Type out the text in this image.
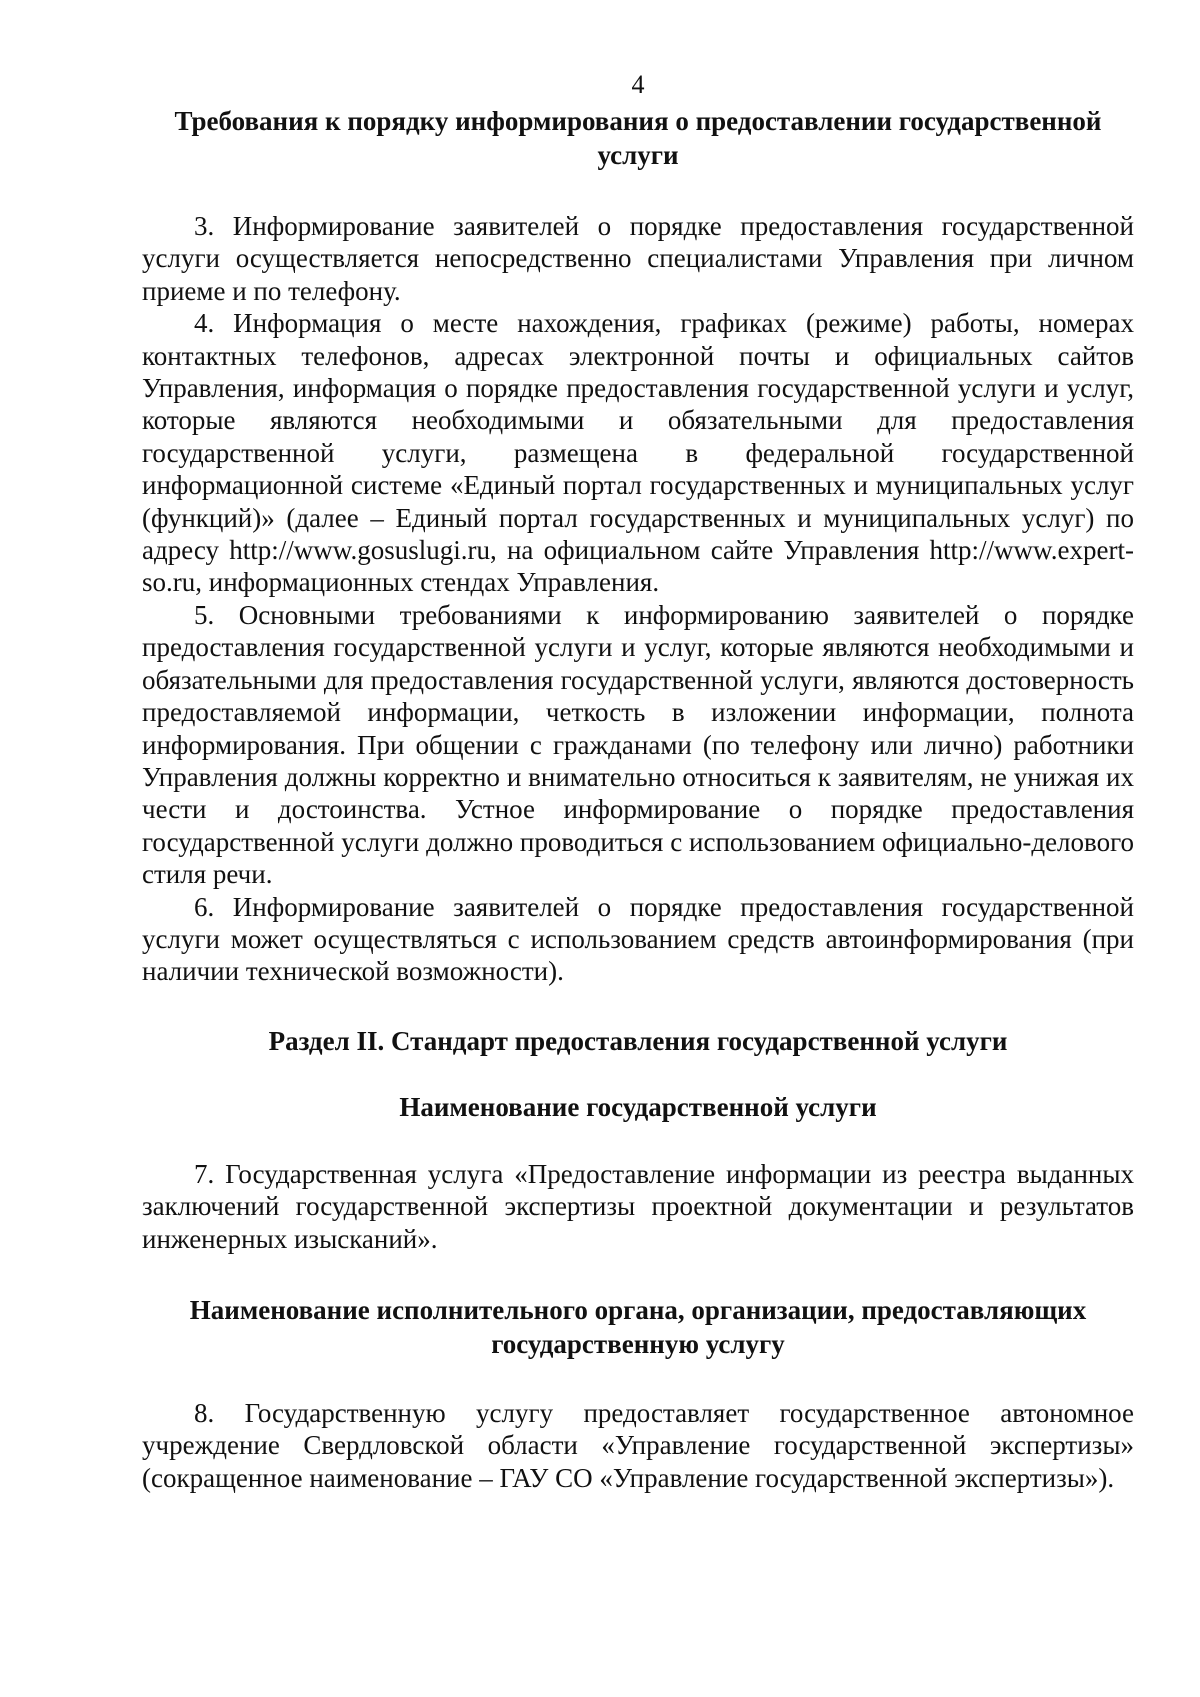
4
Требования к порядку информирования о предоставлении государственной услуги

3. Информирование заявителей о порядке предоставления государственной услуги осуществляется непосредственно специалистами Управления при личном приеме и по телефону.

4. Информация о месте нахождения, графиках (режиме) работы, номерах контактных телефонов, адресах электронной почты и официальных сайтов Управления, информация о порядке предоставления государственной услуги и услуг, которые являются необходимыми и обязательными для предоставления государственной услуги, размещена в федеральной государственной информационной системе «Единый портал государственных и муниципальных услуг (функций)» (далее – Единый портал государственных и муниципальных услуг) по адресу http://www.gosuslugi.ru, на официальном сайте Управления http://www.expert-so.ru, информационных стендах Управления.

5. Основными требованиями к информированию заявителей о порядке предоставления государственной услуги и услуг, которые являются необходимыми и обязательными для предоставления государственной услуги, являются достоверность предоставляемой информации, четкость в изложении информации, полнота информирования. При общении с гражданами (по телефону или лично) работники Управления должны корректно и внимательно относиться к заявителям, не унижая их чести и достоинства. Устное информирование о порядке предоставления государственной услуги должно проводиться с использованием официально-делового стиля речи.

6. Информирование заявителей о порядке предоставления государственной услуги может осуществляться с использованием средств автоинформирования (при наличии технической возможности).

Раздел II. Стандарт предоставления государственной услуги
Наименование государственной услуги

7. Государственная услуга «Предоставление информации из реестра выданных заключений государственной экспертизы проектной документации и результатов инженерных изысканий».

Наименование исполнительного органа, организации, предоставляющих государственную услугу

8. Государственную услугу предоставляет государственное автономное учреждение Свердловской области «Управление государственной экспертизы» (сокращенное наименование – ГАУ СО «Управление государственной экспертизы»).
